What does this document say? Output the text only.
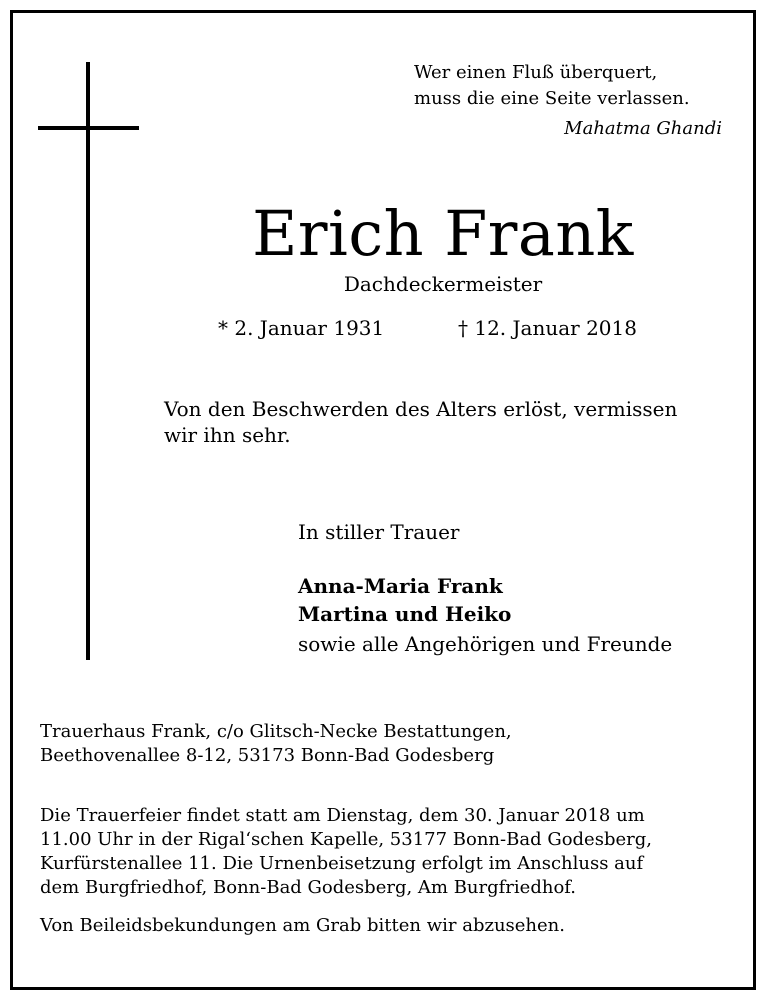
Wer einen Fluß überquert,
muss die eine Seite verlassen.
Mahatma Ghandi
Erich Frank
Dachdeckermeister
* 2. Januar 1931	† 12. Januar 2018
Von den Beschwerden des Alters erlöst, vermissen
wir ihn sehr.
In stiller Trauer
Anna-Maria Frank
Martina und Heiko
sowie alle Angehörigen und Freunde
Trauerhaus Frank, c/o Glitsch-Necke Bestattungen,
Beethovenallee 8-12, 53173 Bonn-Bad Godesberg
Die Trauerfeier findet statt am Dienstag, dem 30. Januar 2018 um
11.00 Uhr in der Rigal‘schen Kapelle, 53177 Bonn-Bad Godesberg,
Kurfürstenallee 11. Die Urnenbeisetzung erfolgt im Anschluss auf
dem Burgfriedhof, Bonn-Bad Godesberg, Am Burgfriedhof.
Von Beileidsbekundungen am Grab bitten wir abzusehen.
